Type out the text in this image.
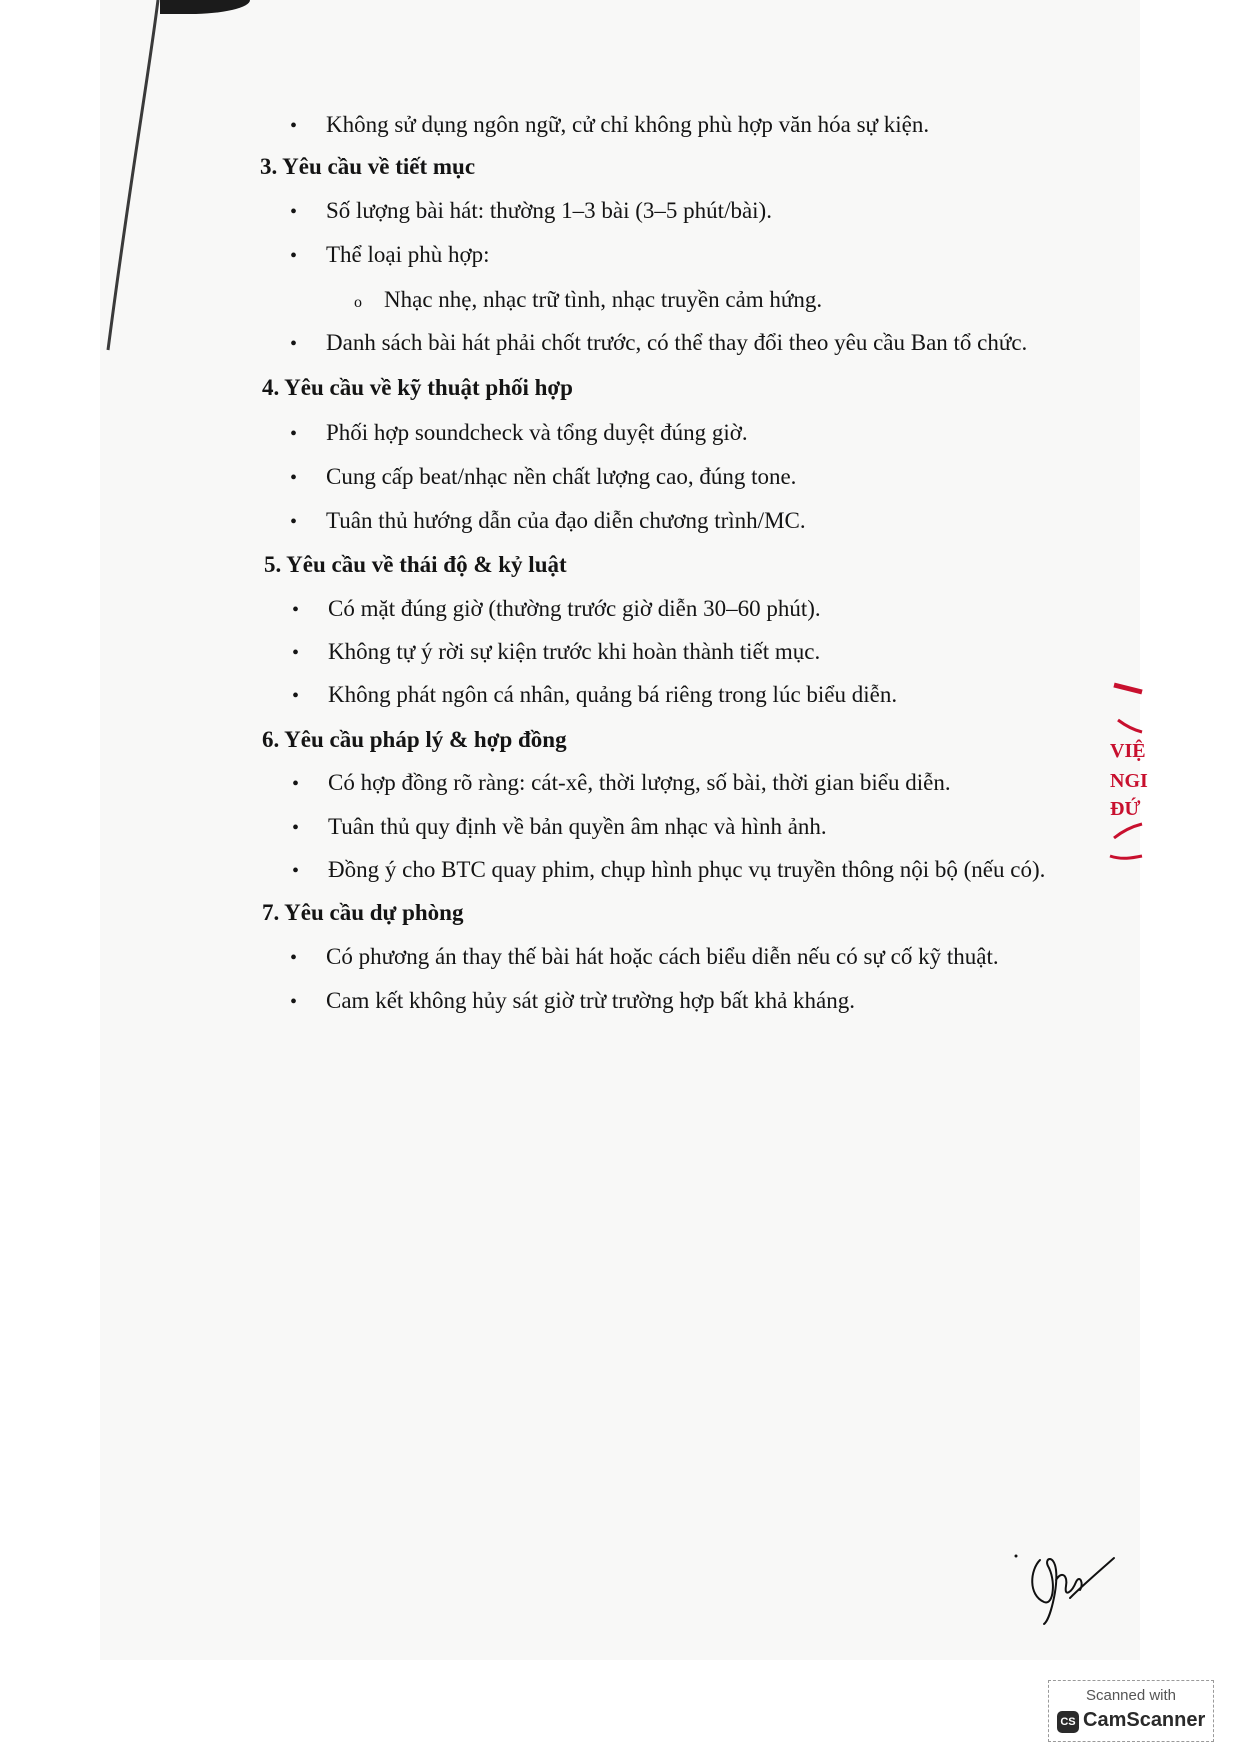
• Không sử dụng ngôn ngữ, cử chỉ không phù hợp văn hóa sự kiện.
3. Yêu cầu về tiết mục
• Số lượng bài hát: thường 1–3 bài (3–5 phút/bài).
• Thể loại phù hợp:
o Nhạc nhẹ, nhạc trữ tình, nhạc truyền cảm hứng.
• Danh sách bài hát phải chốt trước, có thể thay đổi theo yêu cầu Ban tổ chức.
4. Yêu cầu về kỹ thuật phối hợp
• Phối hợp soundcheck và tổng duyệt đúng giờ.
• Cung cấp beat/nhạc nền chất lượng cao, đúng tone.
• Tuân thủ hướng dẫn của đạo diễn chương trình/MC.
5. Yêu cầu về thái độ & kỷ luật
• Có mặt đúng giờ (thường trước giờ diễn 30–60 phút).
• Không tự ý rời sự kiện trước khi hoàn thành tiết mục.
• Không phát ngôn cá nhân, quảng bá riêng trong lúc biểu diễn.
6. Yêu cầu pháp lý & hợp đồng
• Có hợp đồng rõ ràng: cát-xê, thời lượng, số bài, thời gian biểu diễn.
• Tuân thủ quy định về bản quyền âm nhạc và hình ảnh.
• Đồng ý cho BTC quay phim, chụp hình phục vụ truyền thông nội bộ (nếu có).
7. Yêu cầu dự phòng
• Có phương án thay thế bài hát hoặc cách biểu diễn nếu có sự cố kỹ thuật.
• Cam kết không hủy sát giờ trừ trường hợp bất khả kháng.
VIỆ
NGI
ĐỨ
Scanned with
CS CamScanner
